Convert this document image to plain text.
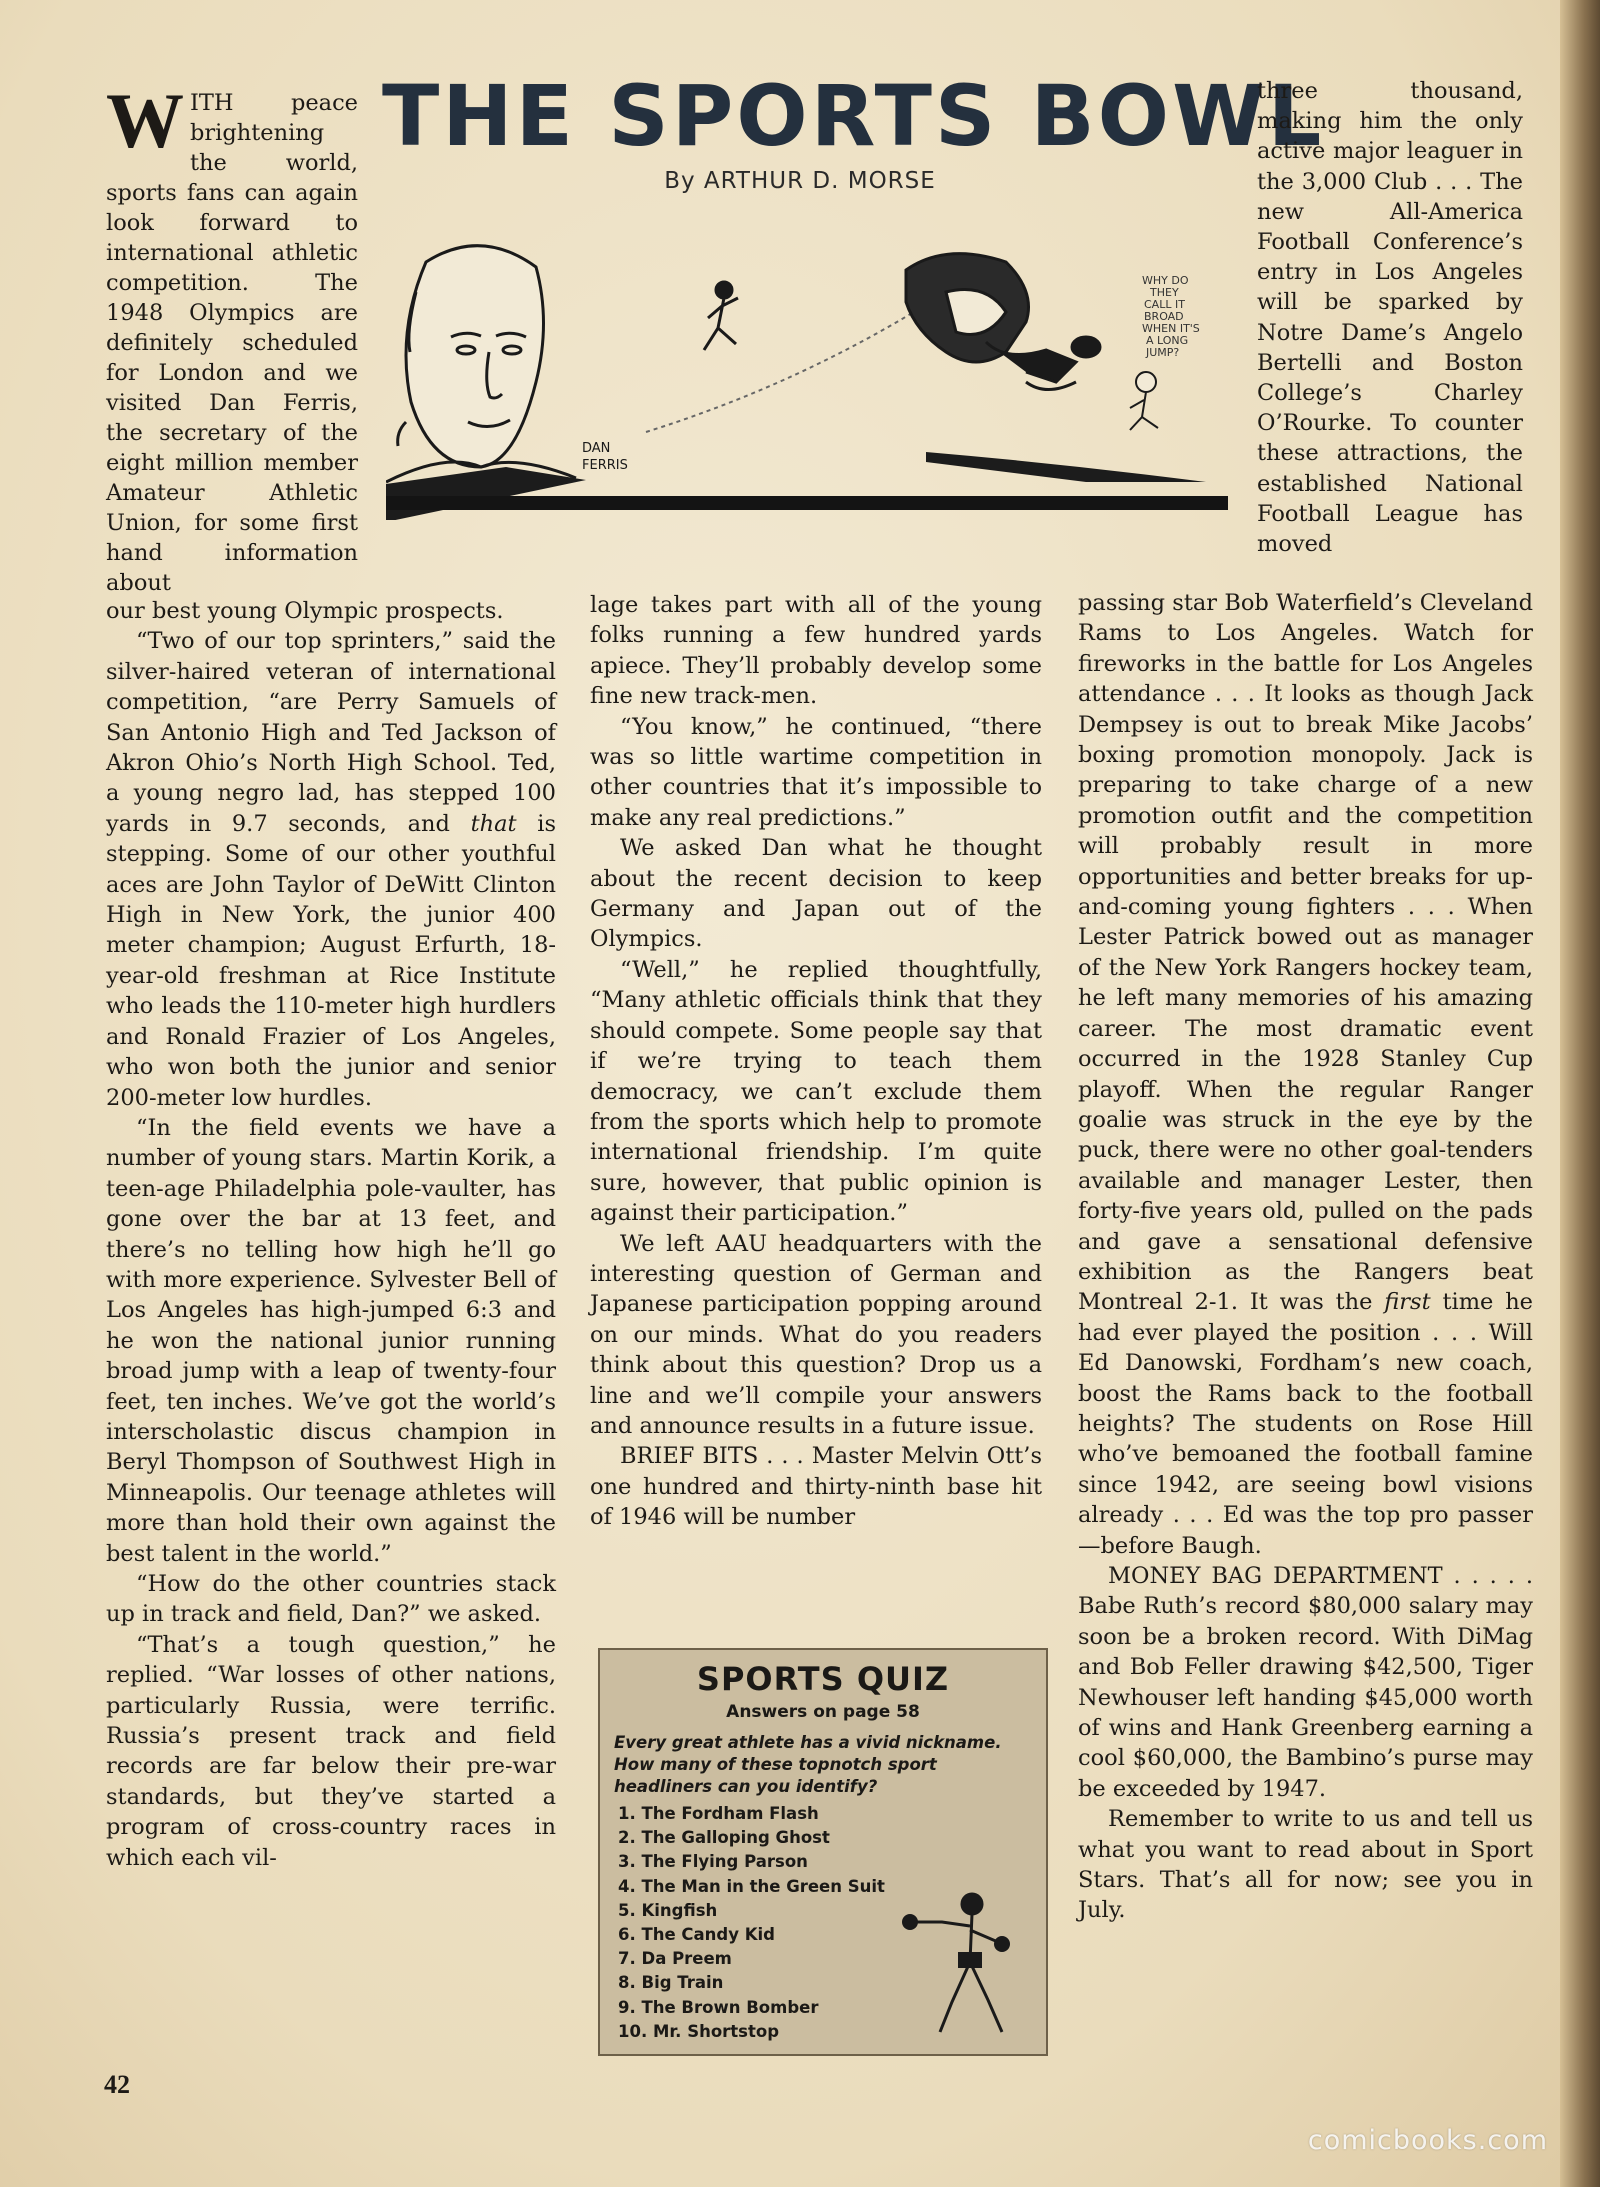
THE SPORTS BOWL
By ARTHUR D. MORSE
DAN
FERRIS
WHY DO THEY CALL IT BROAD WHEN IT'S A LONG JUMP?
WITH peace brightening the world, sports fans can again look forward to international athletic competition. The 1948 Olympics are definitely scheduled for London and we visited Dan Ferris, the secretary of the eight million member Amateur Athletic Union, for some first hand information about

our best young Olympic prospects.

“Two of our top sprinters,” said the silver-haired veteran of international competition, “are Perry Samuels of San Antonio High and Ted Jackson of Akron Ohio’s North High School. Ted, a young negro lad, has stepped 100 yards in 9.7 seconds, and that is stepping. Some of our other youthful aces are John Taylor of DeWitt Clinton High in New York, the junior 400 meter champion; August Erfurth, 18-year-old freshman at Rice Institute who leads the 110-meter high hurdlers and Ronald Frazier of Los Angeles, who won both the junior and senior 200-meter low hurdles.

“In the field events we have a number of young stars. Martin Korik, a teen-age Philadelphia pole-vaulter, has gone over the bar at 13 feet, and there’s no telling how high he’ll go with more experience. Sylvester Bell of Los Angeles has high-jumped 6:3 and he won the national junior running broad jump with a leap of twenty-four feet, ten inches. We’ve got the world’s interscholastic discus champion in Beryl Thompson of Southwest High in Minneapolis. Our teenage athletes will more than hold their own against the best talent in the world.”

“How do the other countries stack up in track and field, Dan?” we asked.

“That’s a tough question,” he replied. “War losses of other nations, particularly Russia, were terrific. Russia’s present track and field records are far below their pre-war standards, but they’ve started a program of cross-country races in which each vil-

lage takes part with all of the young folks running a few hundred yards apiece. They’ll probably develop some fine new track-men.

“You know,” he continued, “there was so little wartime competition in other countries that it’s impossible to make any real predictions.”

We asked Dan what he thought about the recent decision to keep Germany and Japan out of the Olympics.

“Well,” he replied thoughtfully, “Many athletic officials think that they should compete. Some people say that if we’re trying to teach them democracy, we can’t exclude them from the sports which help to promote international friendship. I’m quite sure, however, that public opinion is against their participation.”

We left AAU headquarters with the interesting question of German and Japanese participation popping around on our minds. What do you readers think about this question? Drop us a line and we’ll compile your answers and announce results in a future issue.

BRIEF BITS . . . Master Melvin Ott’s one hundred and thirty-ninth base hit of 1946 will be number

three thousand, making him the only active major leaguer in the 3,000 Club . . . The new All-America Football Conference’s entry in Los Angeles will be sparked by Notre Dame’s Angelo Bertelli and Boston College’s Charley O’Rourke. To counter these attractions, the established National Football League has moved

passing star Bob Waterfield’s Cleveland Rams to Los Angeles. Watch for fireworks in the battle for Los Angeles attendance . . . It looks as though Jack Dempsey is out to break Mike Jacobs’ boxing promotion monopoly. Jack is preparing to take charge of a new promotion outfit and the competition will probably result in more opportunities and better breaks for up-and-coming young fighters . . . When Lester Patrick bowed out as manager of the New York Rangers hockey team, he left many memories of his amazing career. The most dramatic event occurred in the 1928 Stanley Cup playoff. When the regular Ranger goalie was struck in the eye by the puck, there were no other goal-tenders available and manager Lester, then forty-five years old, pulled on the pads and gave a sensational defensive exhibition as the Rangers beat Montreal 2-1. It was the first time he had ever played the position . . . Will Ed Danowski, Fordham’s new coach, boost the Rams back to the football heights? The students on Rose Hill who’ve bemoaned the football famine since 1942, are seeing bowl visions already . . . Ed was the top pro passer—before Baugh.

MONEY BAG DEPARTMENT . . . . . Babe Ruth’s record $80,000 salary may soon be a broken record. With DiMag and Bob Feller drawing $42,500, Tiger Newhouser left handing $45,000 worth of wins and Hank Greenberg earning a cool $60,000, the Bambino’s purse may be exceeded by 1947.

Remember to write to us and tell us what you want to read about in Sport Stars. That’s all for now; see you in July.

SPORTS QUIZ
Answers on page 58
Every great athlete has a vivid nickname. How many of these topnotch sport headliners can you identify?
1. The Fordham Flash
2. The Galloping Ghost
3. The Flying Parson
4. The Man in the Green Suit
5. Kingfish
6. The Candy Kid
7. Da Preem
8. Big Train
9. The Brown Bomber
10. Mr. Shortstop
42
comicbooks.com
